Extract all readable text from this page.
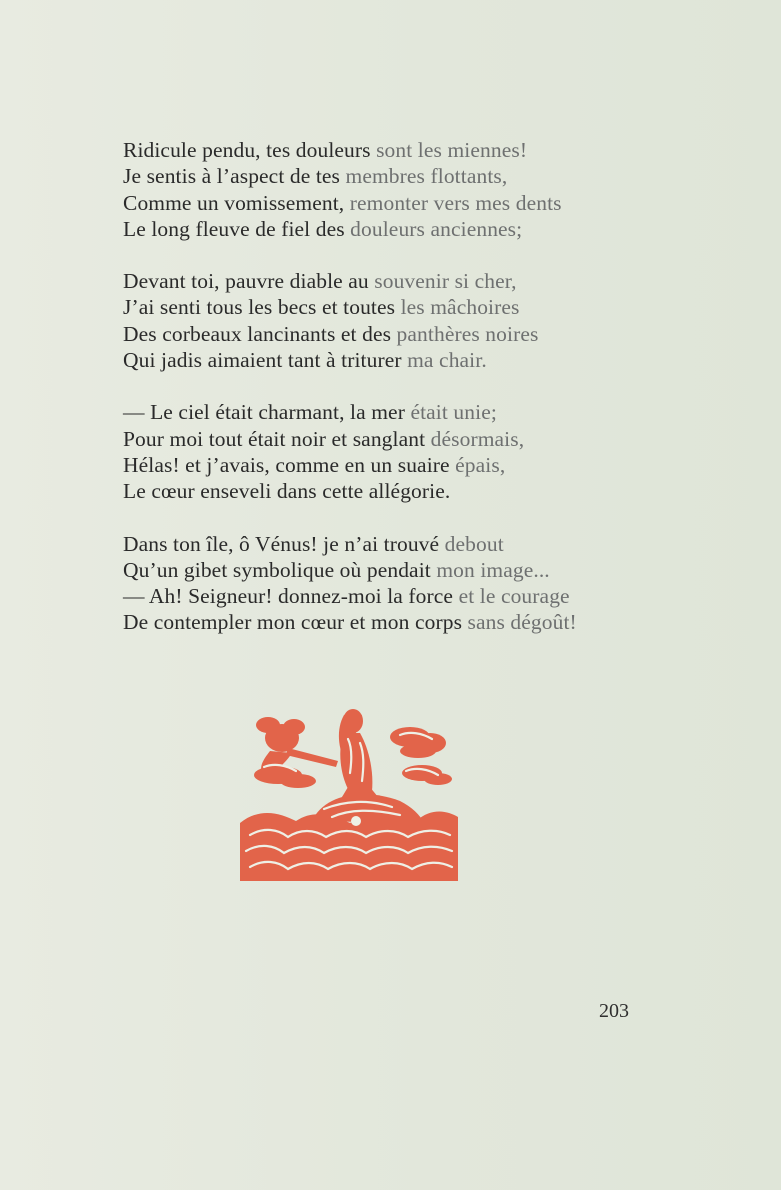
Ridicule pendu, tes douleurs sont les miennes!
Je sentis à l’aspect de tes membres flottants,
Comme un vomissement, remonter vers mes dents
Le long fleuve de fiel des douleurs anciennes;
Devant toi, pauvre diable au souvenir si cher,
J’ai senti tous les becs et toutes les mâchoires
Des corbeaux lancinants et des panthères noires
Qui jadis aimaient tant à triturer ma chair.
— Le ciel était charmant, la mer était unie;
Pour moi tout était noir et sanglant désormais,
Hélas! et j’avais, comme en un suaire épais,
Le cœur enseveli dans cette allégorie.
Dans ton île, ô Vénus! je n’ai trouvé debout
Qu’un gibet symbolique où pendait mon image...
— Ah! Seigneur! donnez-moi la force et le courage
De contempler mon cœur et mon corps sans dégoût!
203
